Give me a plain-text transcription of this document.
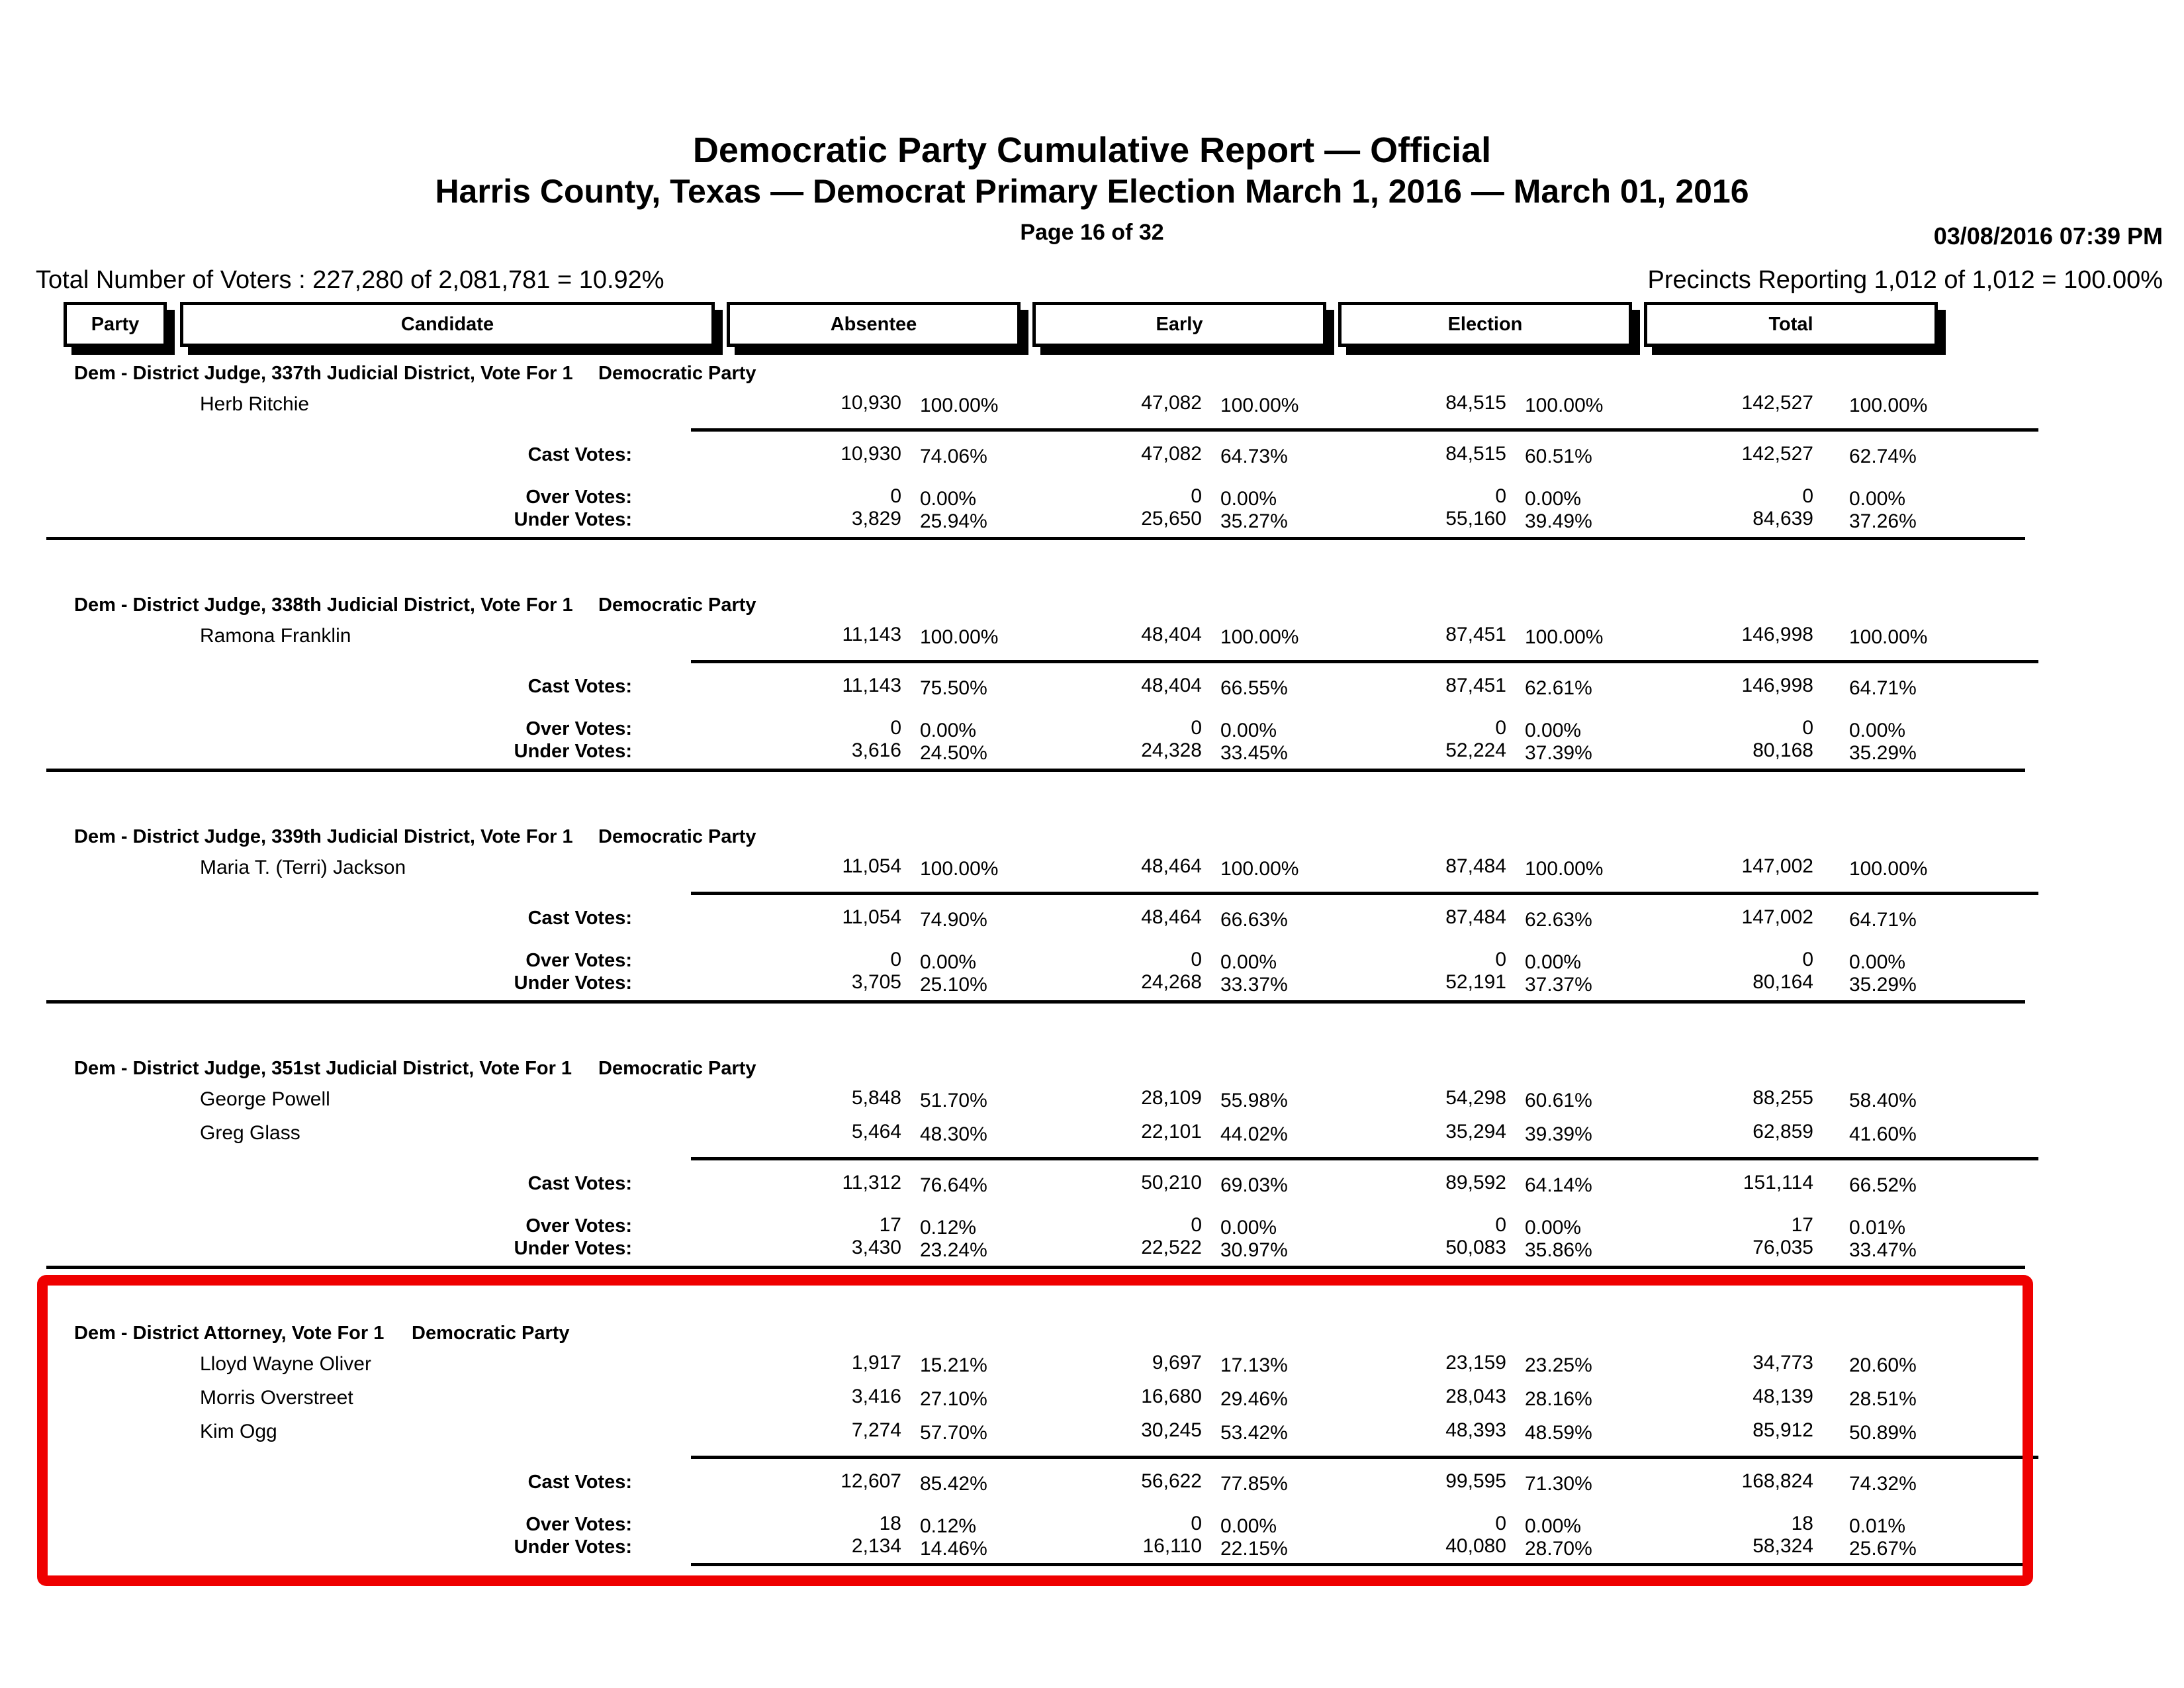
Democratic Party Cumulative Report — Official
Harris County, Texas — Democrat Primary Election March 1, 2016 — March 01, 2016
Page 16 of 32	03/08/2016 07:39 PM
Total Number of Voters : 227,280 of 2,081,781 = 10.92%	Precincts Reporting 1,012 of 1,012 = 100.00%
Party	Candidate	Absentee	Early	Election	Total
Dem - District Judge, 337th Judicial District, Vote For 1 Democratic Party
Herb Ritchie	10,930 100.00%	47,082 100.00%	84,515 100.00%	142,527 100.00%
Cast Votes:	10,930 74.06%	47,082 64.73%	84,515 60.51%	142,527 62.74%
Over Votes:	0 0.00%	0 0.00%	0 0.00%	0 0.00%
Under Votes:	3,829 25.94%	25,650 35.27%	55,160 39.49%	84,639 37.26%
Dem - District Judge, 338th Judicial District, Vote For 1 Democratic Party
Ramona Franklin	11,143 100.00%	48,404 100.00%	87,451 100.00%	146,998 100.00%
Cast Votes:	11,143 75.50%	48,404 66.55%	87,451 62.61%	146,998 64.71%
Over Votes:	0 0.00%	0 0.00%	0 0.00%	0 0.00%
Under Votes:	3,616 24.50%	24,328 33.45%	52,224 37.39%	80,168 35.29%
Dem - District Judge, 339th Judicial District, Vote For 1 Democratic Party
Maria T. (Terri) Jackson	11,054 100.00%	48,464 100.00%	87,484 100.00%	147,002 100.00%
Cast Votes:	11,054 74.90%	48,464 66.63%	87,484 62.63%	147,002 64.71%
Over Votes:	0 0.00%	0 0.00%	0 0.00%	0 0.00%
Under Votes:	3,705 25.10%	24,268 33.37%	52,191 37.37%	80,164 35.29%
Dem - District Judge, 351st Judicial District, Vote For 1 Democratic Party
George Powell	5,848 51.70%	28,109 55.98%	54,298 60.61%	88,255 58.40%
Greg Glass	5,464 48.30%	22,101 44.02%	35,294 39.39%	62,859 41.60%
Cast Votes:	11,312 76.64%	50,210 69.03%	89,592 64.14%	151,114 66.52%
Over Votes:	17 0.12%	0 0.00%	0 0.00%	17 0.01%
Under Votes:	3,430 23.24%	22,522 30.97%	50,083 35.86%	76,035 33.47%
Dem - District Attorney, Vote For 1 Democratic Party
Lloyd Wayne Oliver	1,917 15.21%	9,697 17.13%	23,159 23.25%	34,773 20.60%
Morris Overstreet	3,416 27.10%	16,680 29.46%	28,043 28.16%	48,139 28.51%
Kim Ogg	7,274 57.70%	30,245 53.42%	48,393 48.59%	85,912 50.89%
Cast Votes:	12,607 85.42%	56,622 77.85%	99,595 71.30%	168,824 74.32%
Over Votes:	18 0.12%	0 0.00%	0 0.00%	18 0.01%
Under Votes:	2,134 14.46%	16,110 22.15%	40,080 28.70%	58,324 25.67%
